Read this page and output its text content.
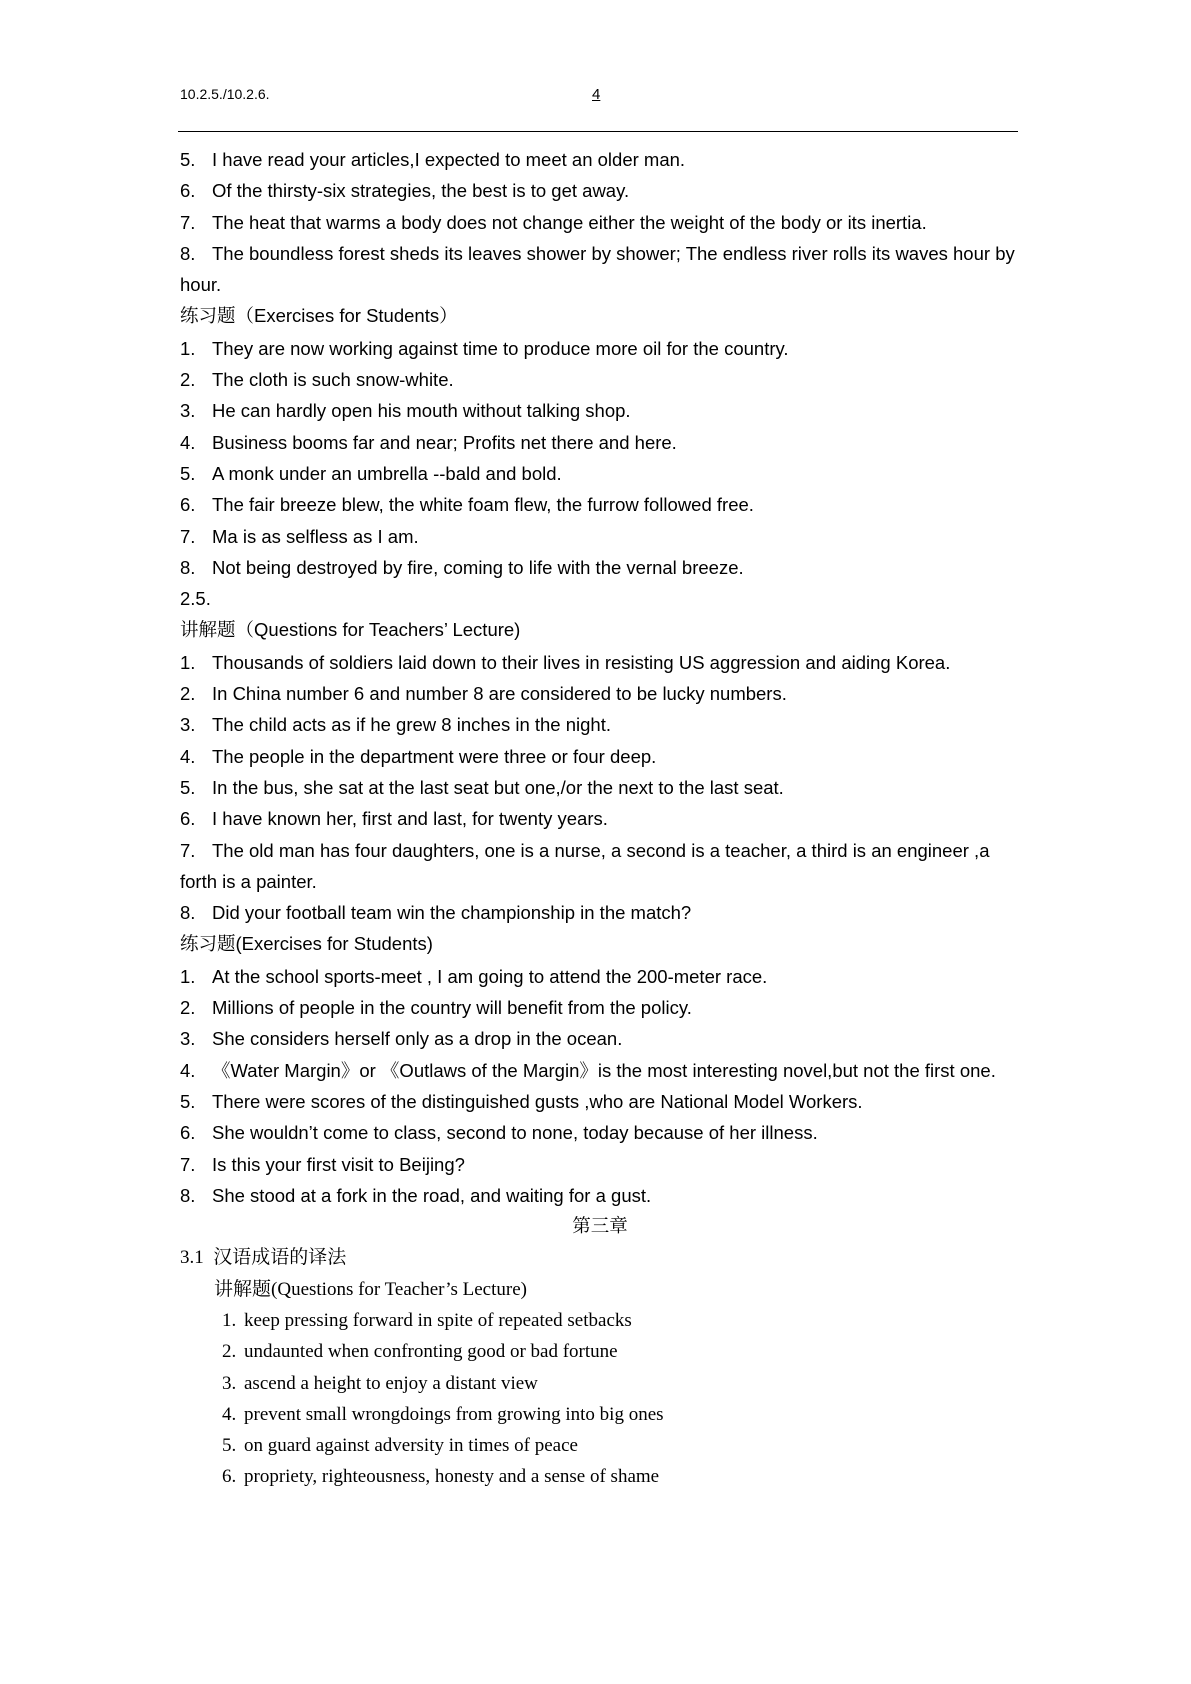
10.2.5./10.2.6.	4
5. I have read your articles,I expected to meet an older man.
6. Of the thirsty-six strategies, the best is to get away.
7. The heat that warms a body does not change either the weight of the body or its inertia.
8. The boundless forest sheds its leaves shower by shower; The endless river rolls its waves hour by hour.
练习题（Exercises for Students）
1. They are now working against time to produce more oil for the country.
2. The cloth is such snow-white.
3. He can hardly open his mouth without talking shop.
4. Business booms far and near; Profits net there and here.
5. A monk under an umbrella --bald and bold.
6. The fair breeze blew, the white foam flew, the furrow followed free.
7. Ma is as selfless as I am.
8. Not being destroyed by fire, coming to life with the vernal breeze.
2.5.
讲解题（Questions for Teachers’ Lecture)
1. Thousands of soldiers laid down to their lives in resisting US aggression and aiding Korea.
2. In China number 6 and number 8 are considered to be lucky numbers.
3. The child acts as if he grew 8 inches in the night.
4. The people in the department were three or four deep.
5. In the bus, she sat at the last seat but one,/or the next to the last seat.
6. I have known her, first and last, for twenty years.
7. The old man has four daughters, one is a nurse, a second is a teacher, a third is an engineer ,a forth is a painter.
8. Did your football team win the championship in the match?
练习题(Exercises for Students)
1. At the school sports-meet , I am going to attend the 200-meter race.
2. Millions of people in the country will benefit from the policy.
3. She considers herself only as a drop in the ocean.
4. 《Water Margin》or 《Outlaws of the Margin》is the most interesting novel,but not the first one.
5. There were scores of the distinguished gusts ,who are National Model Workers.
6. She wouldn’t come to class, second to none, today because of her illness.
7. Is this your first visit to Beijing?
8. She stood at a fork in the road, and waiting for a gust.
第三章
3.1 汉语成语的译法
讲解题(Questions for Teacher’s Lecture)
1. keep pressing forward in spite of repeated setbacks
2. undaunted when confronting good or bad fortune
3. ascend a height to enjoy a distant view
4. prevent small wrongdoings from growing into big ones
5. on guard against adversity in times of peace
6. propriety, righteousness, honesty and a sense of shame
